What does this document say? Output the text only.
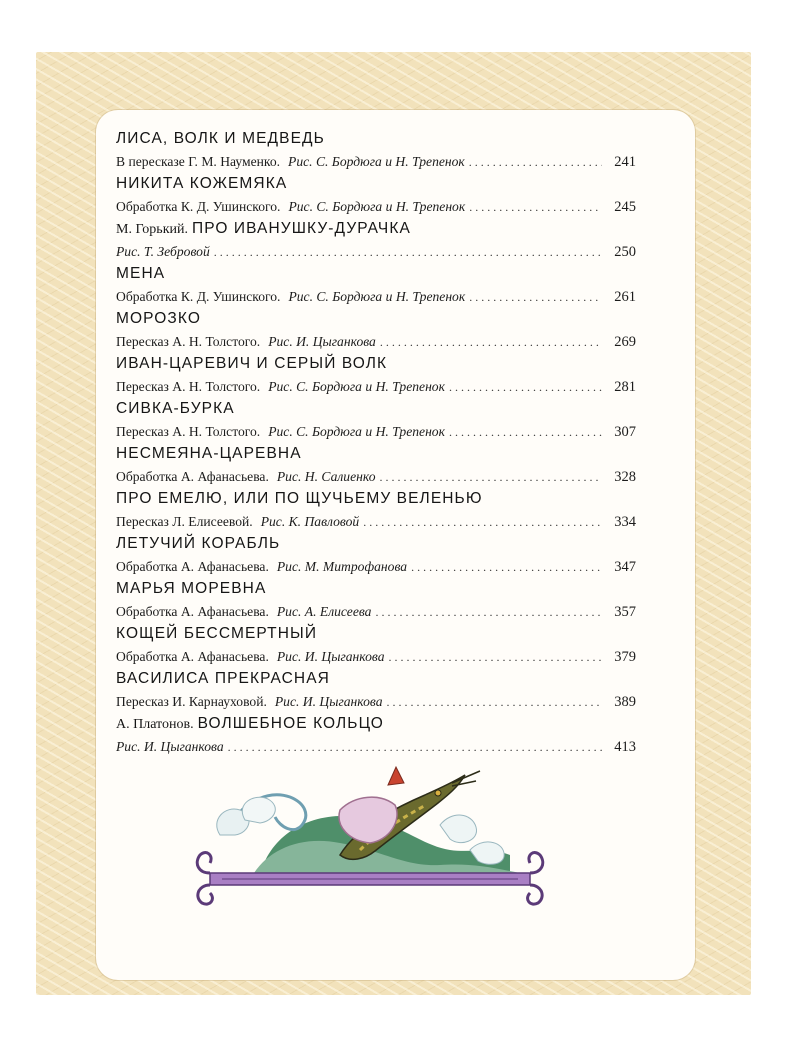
ЛИСА, ВОЛК И МЕДВЕДЬ
В пересказе Г. М. Науменко. Рис. С. Бордюга и Н. Трепенок . . .	241
НИКИТА КОЖЕМЯКА
Обработка К. Д. Ушинского. Рис. С. Бордюга и Н. Трепенок . . .	245
М. Горький. ПРО ИВАНУШКУ-ДУРАЧКА
Рис. Т. Зебровой . . .	250
МЕНА
Обработка К. Д. Ушинского. Рис. С. Бордюга и Н. Трепенок . . .	261
МОРОЗКО
Пересказ А. Н. Толстого. Рис. И. Цыганкова . . .	269
ИВАН-ЦАРЕВИЧ И СЕРЫЙ ВОЛК
Пересказ А. Н. Толстого. Рис. С. Бордюга и Н. Трепенок . . .	281
СИВКА-БУРКА
Пересказ А. Н. Толстого. Рис. С. Бордюга и Н. Трепенок . . .	307
НЕСМЕЯНА-ЦАРЕВНА
Обработка А. Афанасьева. Рис. Н. Салиенко . . .	328
ПРО ЕМЕЛЮ, ИЛИ ПО ЩУЧЬЕМУ ВЕЛЕНЬЮ
Пересказ Л. Елисеевой. Рис. К. Павловой . . .	334
ЛЕТУЧИЙ КОРАБЛЬ
Обработка А. Афанасьева. Рис. М. Митрофанова . . .	347
МАРЬЯ МОРЕВНА
Обработка А. Афанасьева. Рис. А. Елисеева . . .	357
КОЩЕЙ БЕССМЕРТНЫЙ
Обработка А. Афанасьева. Рис. И. Цыганкова . . .	379
ВАСИЛИСА ПРЕКРАСНАЯ
Пересказ И. Карнауховой. Рис. И. Цыганкова . . .	389
А. Платонов. ВОЛШЕБНОЕ КОЛЬЦО
Рис. И. Цыганкова . . .	413
